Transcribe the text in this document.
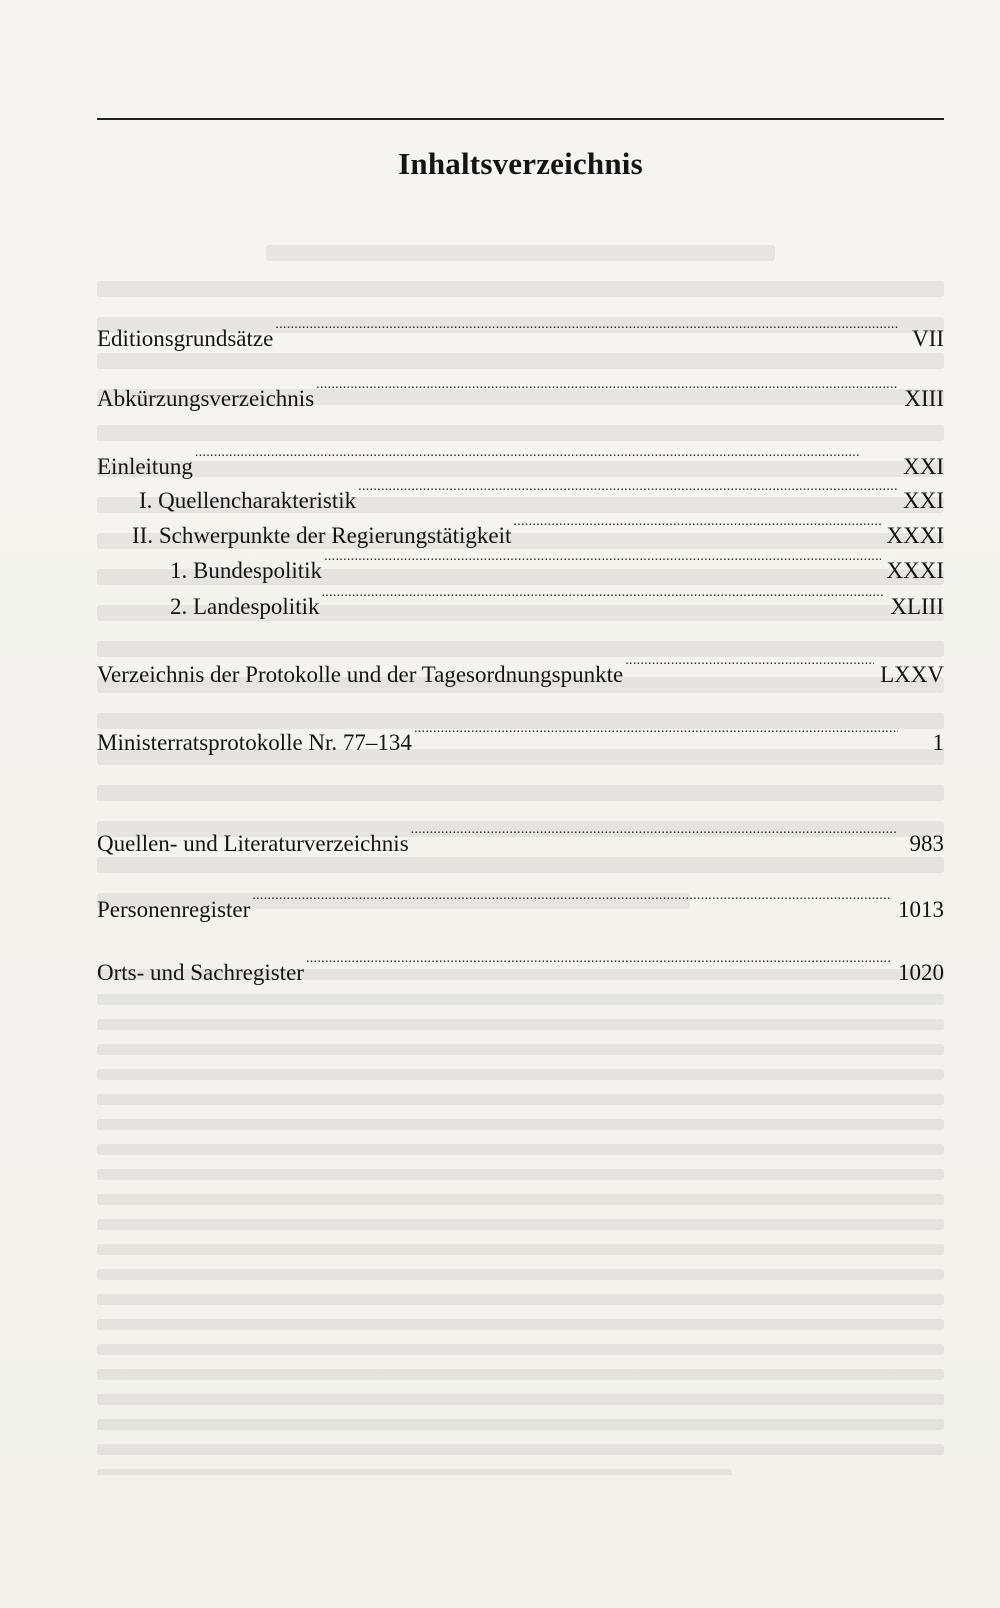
Inhaltsverzeichnis
Editionsgrundsätze . . .	VII
Abkürzungsverzeichnis . . .	XIII
Einleitung . . .	XXI
I. Quellencharakteristik . . .	XXI
II. Schwerpunkte der Regierungstätigkeit . . .	XXXI
1. Bundespolitik . . .	XXXI
2. Landespolitik . . .	XLIII
Verzeichnis der Protokolle und der Tagesordnungspunkte . . .	LXXV
Ministerratsprotokolle Nr. 77–134 . . .	1
Quellen- und Literaturverzeichnis . . .	983
Personenregister . . .	1013
Orts- und Sachregister . . .	1020
